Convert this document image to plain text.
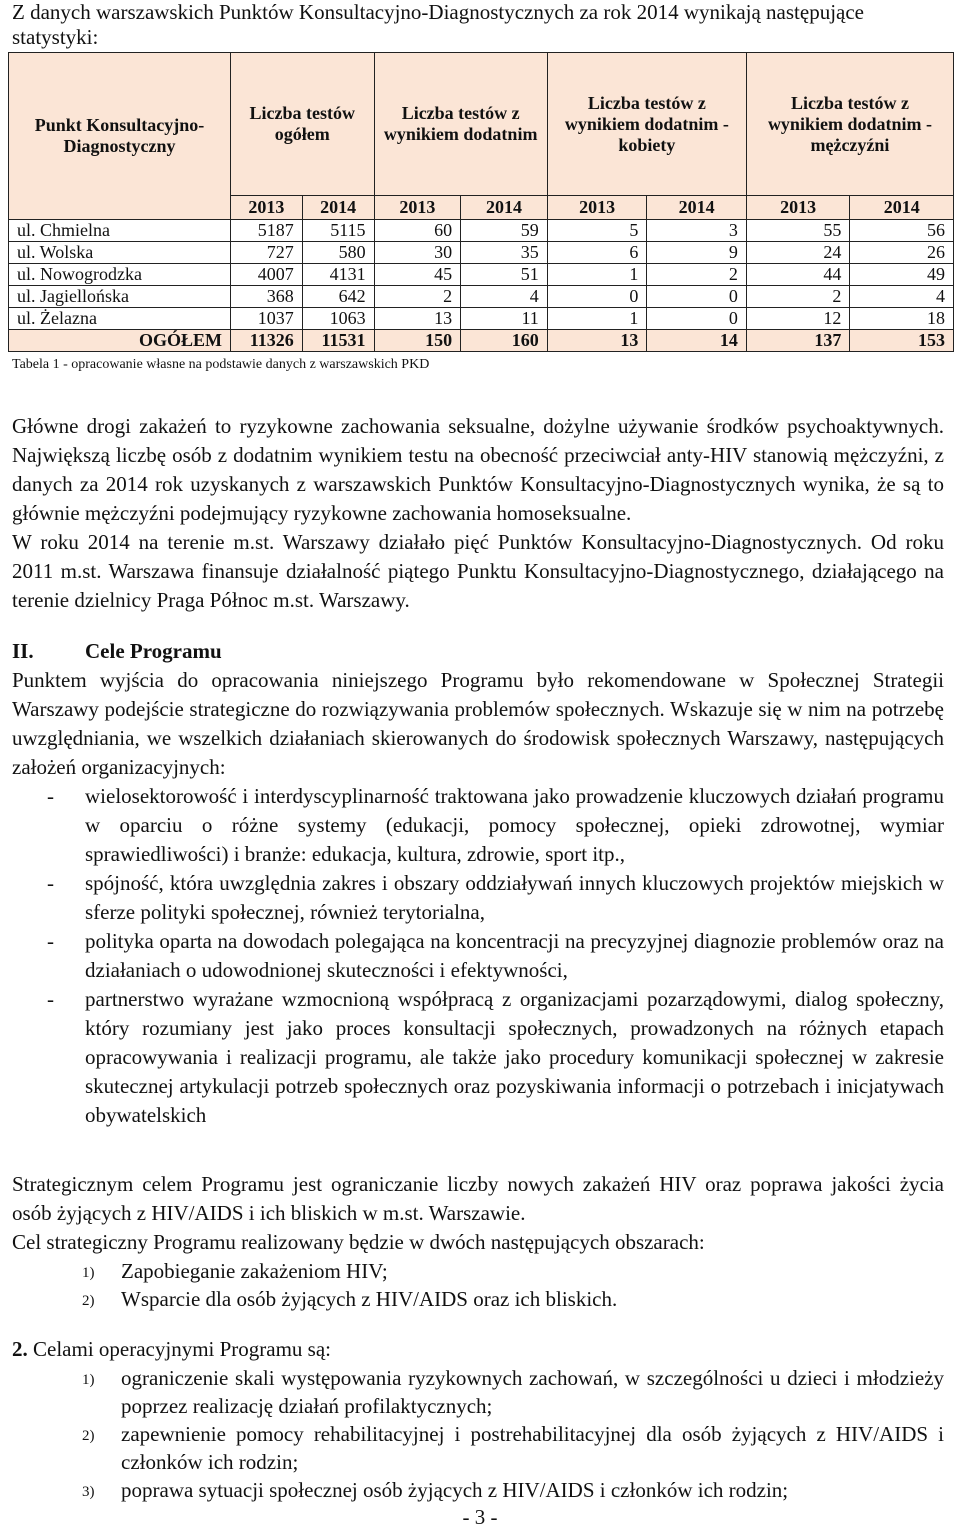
Z danych warszawskich Punktów Konsultacyjno-Diagnostycznych za rok 2014 wynikają następujące statystyki:

Punkt Konsultacyjno-Diagnostyczny	Liczba testów ogółem		Liczba testów z wynikiem dodatnim		Liczba testów z wynikiem dodatnim - kobiety		Liczba testów z wynikiem dodatnim - mężczyźni	
	2013	2014	2013	2014	2013	2014	2013	2014
ul. Chmielna	5187	5115	60	59	5	3	55	56
ul. Wolska	727	580	30	35	6	9	24	26
ul. Nowogrodzka	4007	4131	45	51	1	2	44	49
ul. Jagiellońska	368	642	2	4	0	0	2	4
ul. Żelazna	1037	1063	13	11	1	0	12	18
OGÓŁEM	11326	11531	150	160	13	14	137	153

Tabela 1 - opracowanie własne na podstawie danych z warszawskich PKD

Główne drogi zakażeń to ryzykowne zachowania seksualne, dożylne używanie środków psychoaktywnych. Największą liczbę osób z dodatnim wynikiem testu na obecność przeciwciał anty-HIV stanowią mężczyźni, z danych za 2014 rok uzyskanych z warszawskich Punktów Konsultacyjno-Diagnostycznych wynika, że są to głównie mężczyźni podejmujący ryzykowne zachowania homoseksualne.

W roku 2014 na terenie m.st. Warszawy działało pięć Punktów Konsultacyjno-Diagnostycznych. Od roku 2011 m.st. Warszawa finansuje działalność piątego Punktu Konsultacyjno-Diagnostycznego, działającego na terenie dzielnicy Praga Północ m.st. Warszawy.

II. Cele Programu

Punktem wyjścia do opracowania niniejszego Programu było rekomendowane w Społecznej Strategii Warszawy podejście strategiczne do rozwiązywania problemów społecznych. Wskazuje się w nim na potrzebę uwzględniania, we wszelkich działaniach skierowanych do środowisk społecznych Warszawy, następujących założeń organizacyjnych:

- wielosektorowość i interdyscyplinarność traktowana jako prowadzenie kluczowych działań programu w oparciu o różne systemy (edukacji, pomocy społecznej, opieki zdrowotnej, wymiar sprawiedliwości) i branże: edukacja, kultura, zdrowie, sport itp.,
- spójność, która uwzględnia zakres i obszary oddziaływań innych kluczowych projektów miejskich w sferze polityki społecznej, również terytorialna,
- polityka oparta na dowodach polegająca na koncentracji na precyzyjnej diagnozie problemów oraz na działaniach o udowodnionej skuteczności i efektywności,
- partnerstwo wyrażane wzmocnioną współpracą z organizacjami pozarządowymi, dialog społeczny, który rozumiany jest jako proces konsultacji społecznych, prowadzonych na różnych etapach opracowywania i realizacji programu, ale także jako procedury komunikacji społecznej w zakresie skutecznej artykulacji potrzeb społecznych oraz pozyskiwania informacji o potrzebach i inicjatywach obywatelskich

Strategicznym celem Programu jest ograniczanie liczby nowych zakażeń HIV oraz poprawa jakości życia osób żyjących z HIV/AIDS i ich bliskich w m.st. Warszawie.

Cel strategiczny Programu realizowany będzie w dwóch następujących obszarach:

1) Zapobieganie zakażeniom HIV;
2) Wsparcie dla osób żyjących z HIV/AIDS oraz ich bliskich.

2. Celami operacyjnymi Programu są:

1) ograniczenie skali występowania ryzykownych zachowań, w szczególności u dzieci i młodzieży poprzez realizację działań profilaktycznych;
2) zapewnienie pomocy rehabilitacyjnej i postrehabilitacyjnej dla osób żyjących z HIV/AIDS i członków ich rodzin;
3) poprawa sytuacji społecznej osób żyjących z HIV/AIDS i członków ich rodzin;
- 3 -
